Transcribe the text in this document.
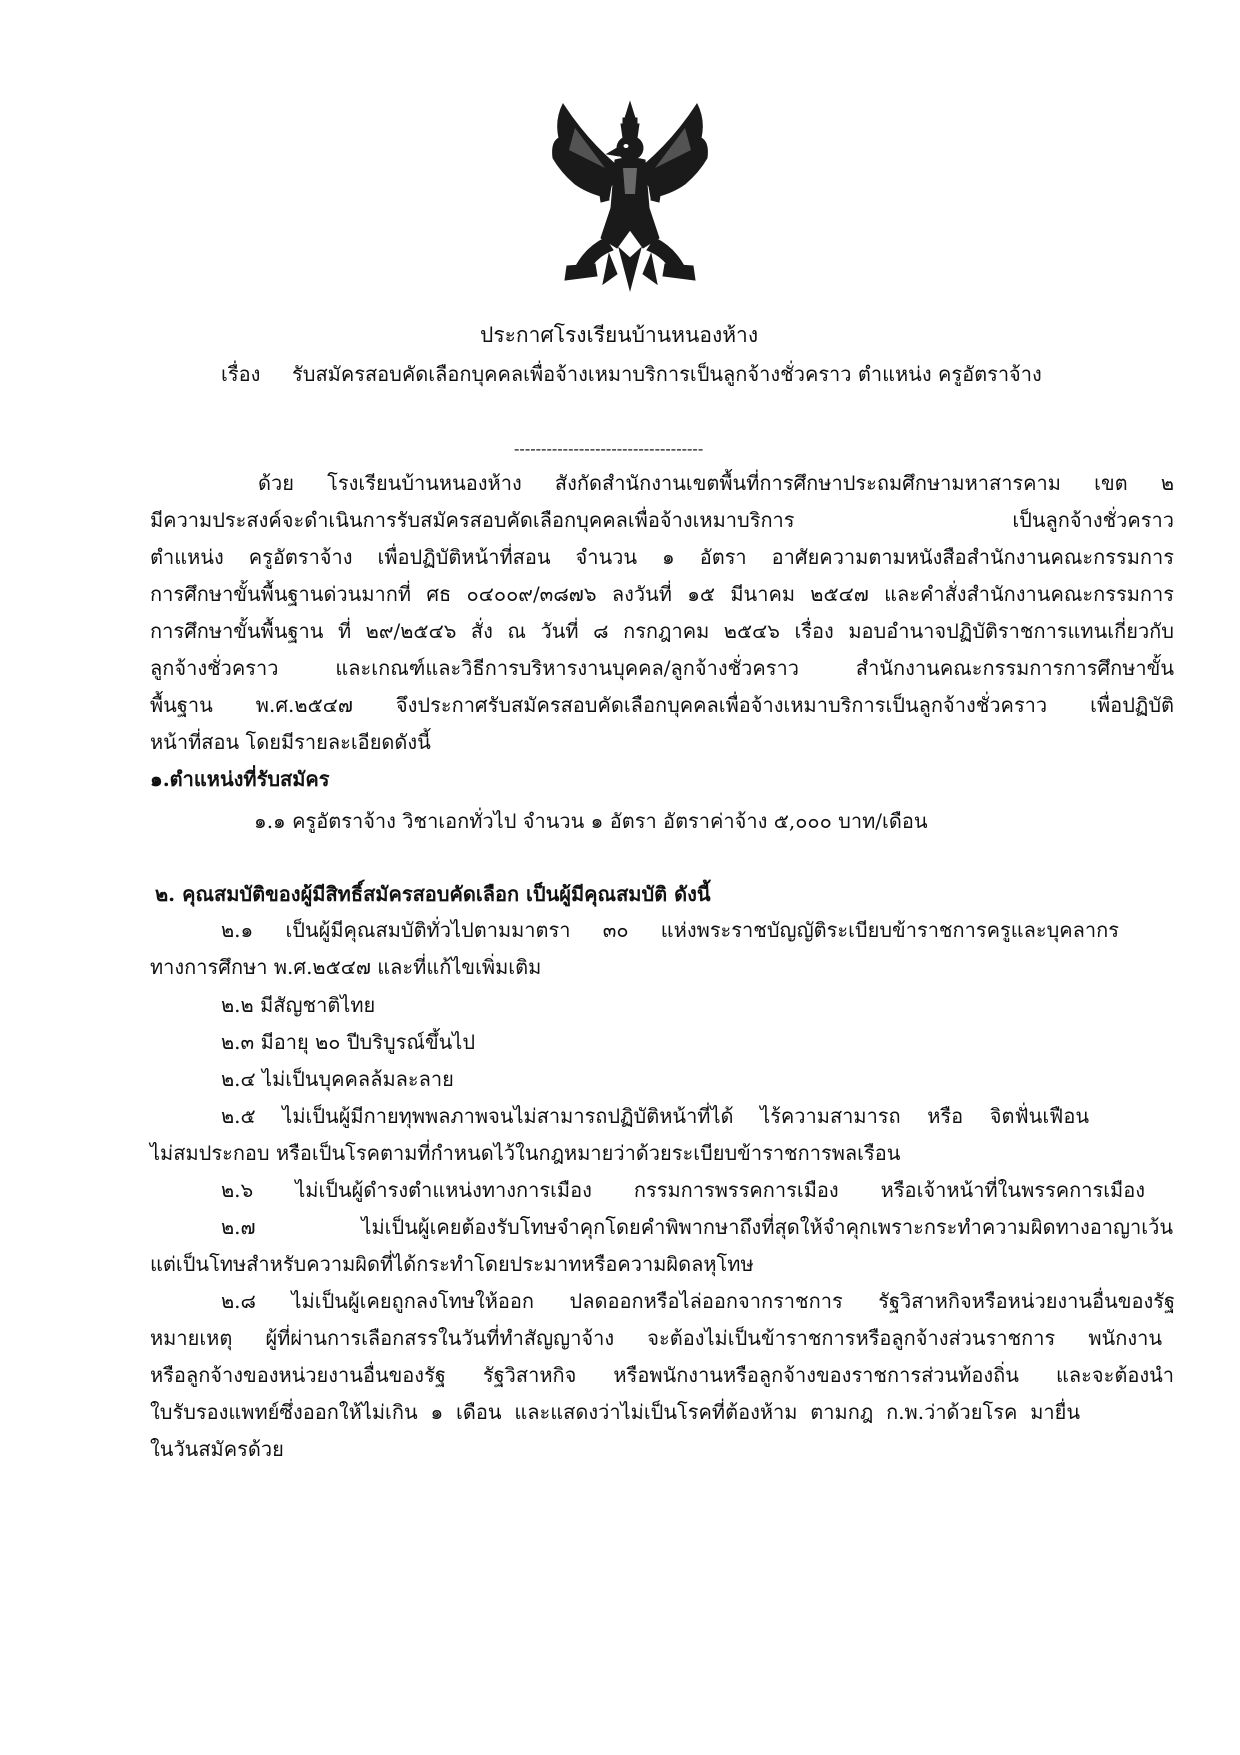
ประกาศโรงเรียนบ้านหนองห้าง

เรื่อง รับสมัครสอบคัดเลือกบุคคลเพื่อจ้างเหมาบริการเป็นลูกจ้างชั่วคราว ตำแหน่ง ครูอัตราจ้าง

-----------------------------------

ด้วย โรงเรียนบ้านหนองห้าง สังกัดสำนักงานเขตพื้นที่การศึกษาประถมศึกษามหาสารคาม เขต ๒

มีความประสงค์จะดำเนินการรับสมัครสอบคัดเลือกบุคคลเพื่อจ้างเหมาบริการ เป็นลูกจ้างชั่วคราว

ตำแหน่ง ครูอัตราจ้าง เพื่อปฏิบัติหน้าที่สอน จำนวน ๑ อัตรา อาศัยความตามหนังสือสำนักงานคณะกรรมการ

การศึกษาขั้นพื้นฐานด่วนมากที่ ศธ ๐๔๐๐๙/๓๘๗๖ ลงวันที่ ๑๕ มีนาคม ๒๕๔๗ และคำสั่งสำนักงานคณะกรรมการ

การศึกษาขั้นพื้นฐาน ที่ ๒๙/๒๕๔๖ สั่ง ณ วันที่ ๘ กรกฎาคม ๒๕๔๖ เรื่อง มอบอำนาจปฏิบัติราชการแทนเกี่ยวกับ

ลูกจ้างชั่วคราว และเกณฑ์และวิธีการบริหารงานบุคคล/ลูกจ้างชั่วคราว สำนักงานคณะกรรมการการศึกษาขั้น

พื้นฐาน พ.ศ.๒๕๔๗ จึงประกาศรับสมัครสอบคัดเลือกบุคคลเพื่อจ้างเหมาบริการเป็นลูกจ้างชั่วคราว เพื่อปฏิบัติ

หน้าที่สอน โดยมีรายละเอียดดังนี้

๑.ตำแหน่งที่รับสมัคร

๑.๑ ครูอัตราจ้าง วิชาเอกทั่วไป จำนวน ๑ อัตรา อัตราค่าจ้าง ๕,๐๐๐ บาท/เดือน

๒. คุณสมบัติของผู้มีสิทธิ์สมัครสอบคัดเลือก เป็นผู้มีคุณสมบัติ ดังนี้

๒.๑ เป็นผู้มีคุณสมบัติทั่วไปตามมาตรา ๓๐ แห่งพระราชบัญญัติระเบียบข้าราชการครูและบุคลากร

ทางการศึกษา พ.ศ.๒๕๔๗ และที่แก้ไขเพิ่มเติม

๒.๒ มีสัญชาติไทย

๒.๓ มีอายุ ๒๐ ปีบริบูรณ์ขึ้นไป

๒.๔ ไม่เป็นบุคคลล้มละลาย

๒.๕ ไม่เป็นผู้มีกายทุพพลภาพจนไม่สามารถปฏิบัติหน้าที่ได้ ไร้ความสามารถ หรือ จิตฟั่นเฟือน

ไม่สมประกอบ หรือเป็นโรคตามที่กำหนดไว้ในกฎหมายว่าด้วยระเบียบข้าราชการพลเรือน

๒.๖ ไม่เป็นผู้ดำรงตำแหน่งทางการเมือง กรรมการพรรคการเมือง หรือเจ้าหน้าที่ในพรรคการเมือง

๒.๗ ไม่เป็นผู้เคยต้องรับโทษจำคุกโดยคำพิพากษาถึงที่สุดให้จำคุกเพราะกระทำความผิดทางอาญาเว้น

แต่เป็นโทษสำหรับความผิดที่ได้กระทำโดยประมาทหรือความผิดลหุโทษ

๒.๘ ไม่เป็นผู้เคยถูกลงโทษให้ออก ปลดออกหรือไล่ออกจากราชการ รัฐวิสาหกิจหรือหน่วยงานอื่นของรัฐ

หมายเหตุ ผู้ที่ผ่านการเลือกสรรในวันที่ทำสัญญาจ้าง จะต้องไม่เป็นข้าราชการหรือลูกจ้างส่วนราชการ พนักงาน

หรือลูกจ้างของหน่วยงานอื่นของรัฐ รัฐวิสาหกิจ หรือพนักงานหรือลูกจ้างของราชการส่วนท้องถิ่น และจะต้องนำ

ใบรับรองแพทย์ซึ่งออกให้ไม่เกิน ๑ เดือน และแสดงว่าไม่เป็นโรคที่ต้องห้าม ตามกฎ ก.พ.ว่าด้วยโรค มายื่น

ในวันสมัครด้วย
